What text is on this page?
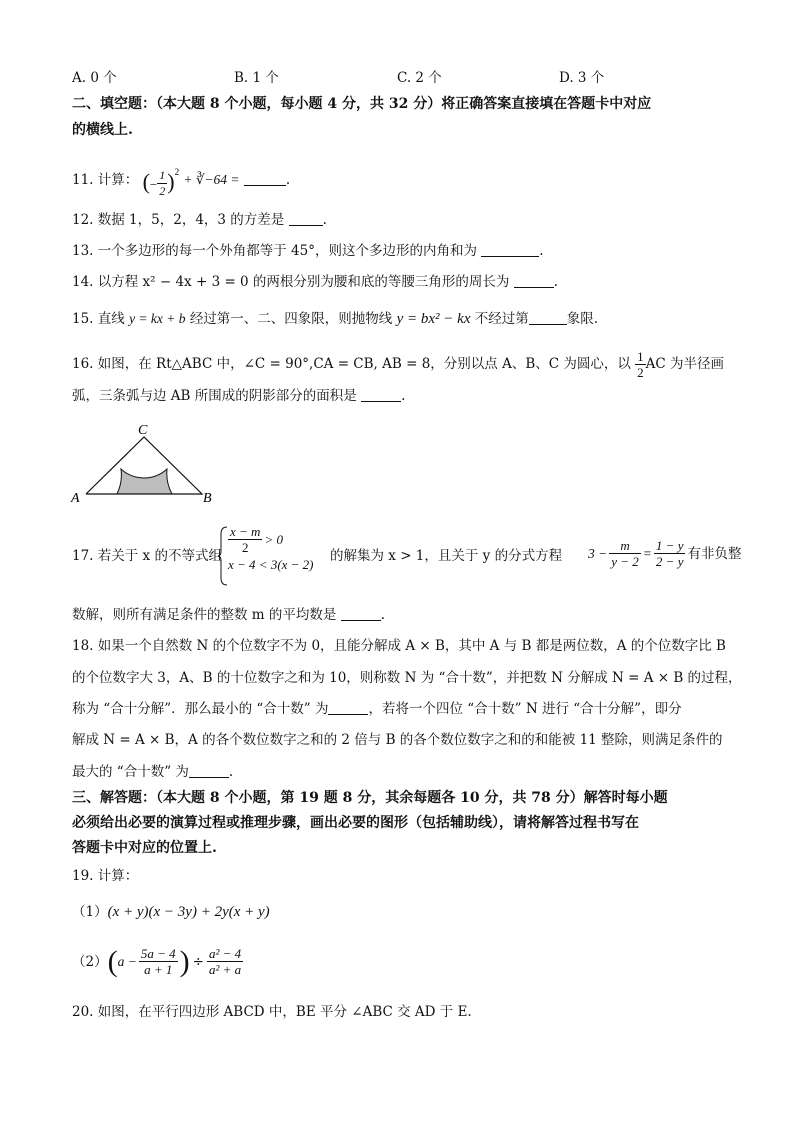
A. 0 个	B. 1 个	C. 2 个	D. 3 个
二、填空题：（本大题 8 个小题，每小题 4 分，共 32 分）将正确答案直接填在答题卡中对应
的横线上.
11. 计算： (− $\frac{1}{2} )^2$ + ∛−64 =	.
12. 数据 1，5，2，4，3 的方差是	.
13. 一个多边形的每一个外角都等于 45°，则这个多边形的内角和为	.
14. 以方程 x² − 4x + 3 = 0 的两根分别为腰和底的等腰三角形的周长为	.
15. 直线 y = kx + b 经过第一、二、四象限，则抛物线 y = bx² − kx 不经过第	象限.
16. 如图，在 Rt△ABC 中，∠C = 90°,CA = CB, AB = 8，分别以点 A、B、C 为圆心，以 $\frac{1}{2}$ AC 为半径画
弧，三条弧与边 AB 所围成的阴影部分的面积是	.
C
A	B
17. 若关于 x 的不等式组
$\frac{x - m}{2} > 0$
x − 4 < 3(x − 2)
的解集为 x > 1，且关于 y 的分式方程 $3 - \frac{m}{y - 2} = \frac{1 - y}{2 - y}$ 有非负整
数解，则所有满足条件的整数 m 的平均数是	.
18. 如果一个自然数 N 的个位数字不为 0，且能分解成 A × B，其中 A 与 B 都是两位数，A 的个位数字比 B
的个位数字大 3，A、B 的十位数字之和为 10，则称数 N 为 “合十数”，并把数 N 分解成 N = A × B 的过程，
称为 “合十分解”．那么最小的 “合十数” 为	，若将一个四位 “合十数” N 进行 “合十分解”，即分
解成 N = A × B，A 的各个数位数字之和的 2 倍与 B 的各个数位数字之和的和能被 11 整除，则满足条件的
最大的 “合十数” 为	.
三、解答题：（本大题 8 个小题，第 19 题 8 分，其余每题各 10 分，共 78 分）解答时每小题
必须给出必要的演算过程或推理步骤，画出必要的图形（包括辅助线），请将解答过程书写在
答题卡中对应的位置上.
19. 计算：
（1）(x + y)(x − 3y) + 2y(x + y)
（2） ( $a - \frac{5a - 4}{a + 1}$ ) ÷ $\frac{\text{a² − 4}}{\text{a² + a}}$
20. 如图，在平行四边形 ABCD 中，BE 平分 ∠ABC 交 AD 于 E.
